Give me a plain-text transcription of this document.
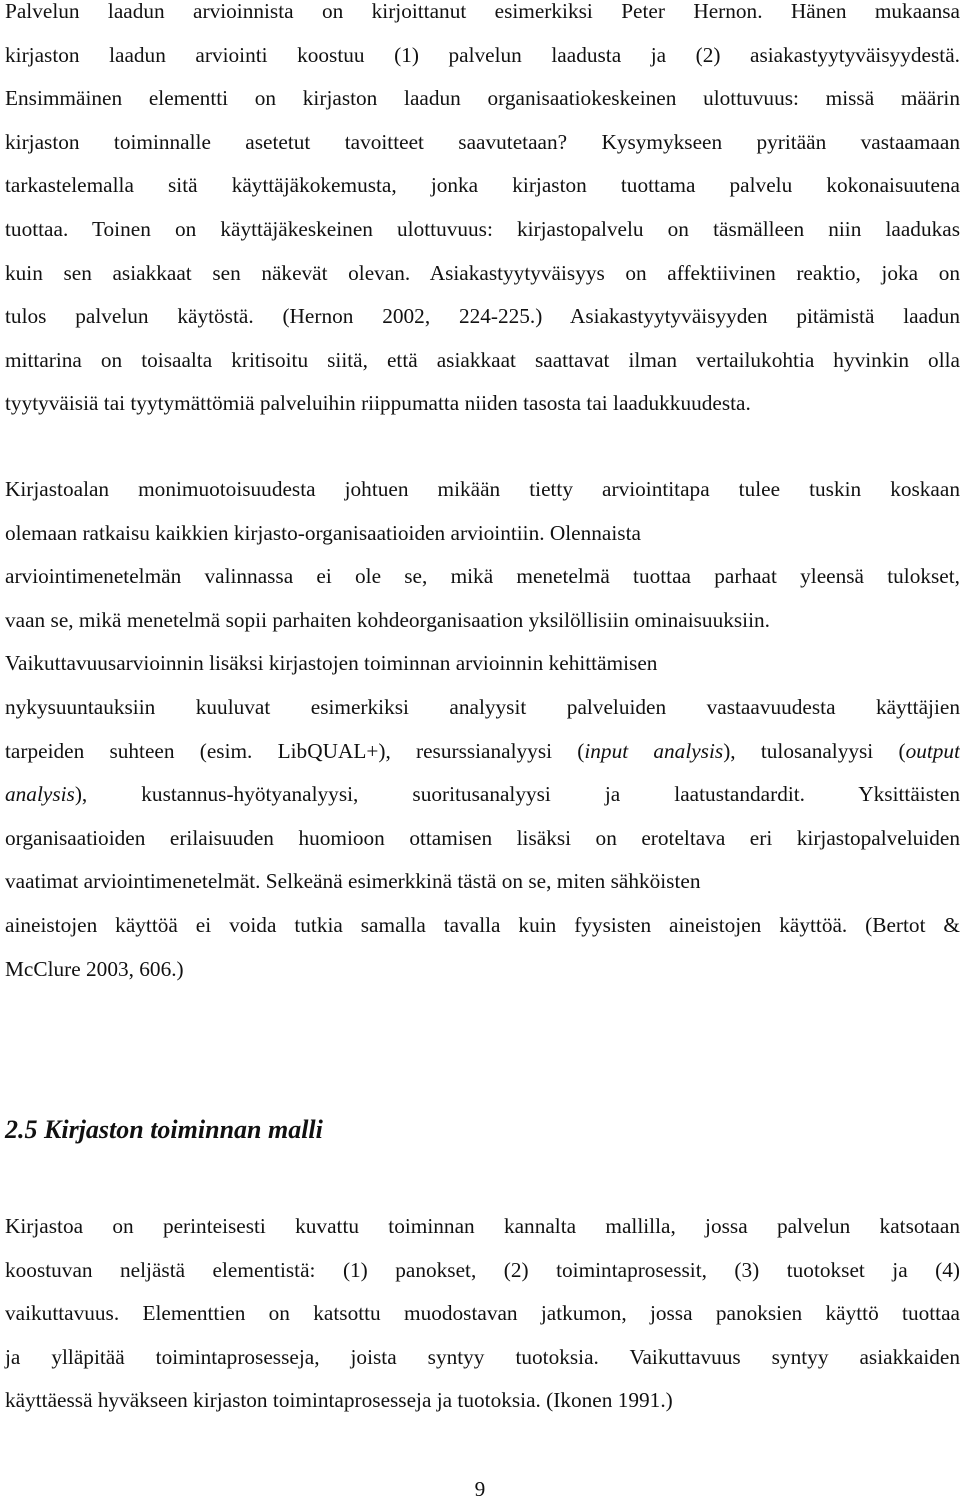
Palvelun laadun arvioinnista on kirjoittanut esimerkiksi Peter Hernon. Hänen mukaansa
kirjaston laadun arviointi koostuu (1) palvelun laadusta ja (2) asiakastyytyväisyydestä.
Ensimmäinen elementti on kirjaston laadun organisaatiokeskeinen ulottuvuus: missä määrin
kirjaston toiminnalle asetetut tavoitteet saavutetaan? Kysymykseen pyritään vastaamaan
tarkastelemalla sitä käyttäjäkokemusta, jonka kirjaston tuottama palvelu kokonaisuutena
tuottaa. Toinen on käyttäjäkeskeinen ulottuvuus: kirjastopalvelu on täsmälleen niin laadukas
kuin sen asiakkaat sen näkevät olevan. Asiakastyytyväisyys on affektiivinen reaktio, joka on
tulos palvelun käytöstä. (Hernon 2002, 224-225.) Asiakastyytyväisyyden pitämistä laadun
mittarina on toisaalta kritisoitu siitä, että asiakkaat saattavat ilman vertailukohtia hyvinkin olla
tyytyväisiä tai tyytymättömiä palveluihin riippumatta niiden tasosta tai laadukkuudesta.
Kirjastoalan monimuotoisuudesta johtuen mikään tietty arviointitapa tulee tuskin koskaan
olemaan ratkaisu kaikkien kirjasto-organisaatioiden arviointiin. Olennaista
arviointimenetelmän valinnassa ei ole se, mikä menetelmä tuottaa parhaat yleensä tulokset,
vaan se, mikä menetelmä sopii parhaiten kohdeorganisaation yksilöllisiin ominaisuuksiin.
Vaikuttavuusarvioinnin lisäksi kirjastojen toiminnan arvioinnin kehittämisen
nykysuuntauksiin kuuluvat esimerkiksi analyysit palveluiden vastaavuudesta käyttäjien
tarpeiden suhteen (esim. LibQUAL+), resurssianalyysi (input analysis), tulosanalyysi (output
analysis), kustannus-hyötyanalyysi, suoritusanalyysi ja laatustandardit. Yksittäisten
organisaatioiden erilaisuuden huomioon ottamisen lisäksi on eroteltava eri kirjastopalveluiden
vaatimat arviointimenetelmät. Selkeänä esimerkkinä tästä on se, miten sähköisten
aineistojen käyttöä ei voida tutkia samalla tavalla kuin fyysisten aineistojen käyttöä. (Bertot &
McClure 2003, 606.)
2.5 Kirjaston toiminnan malli
Kirjastoa on perinteisesti kuvattu toiminnan kannalta mallilla, jossa palvelun katsotaan
koostuvan neljästä elementistä: (1) panokset, (2) toimintaprosessit, (3) tuotokset ja (4)
vaikuttavuus. Elementtien on katsottu muodostavan jatkumon, jossa panoksien käyttö tuottaa
ja ylläpitää toimintaprosesseja, joista syntyy tuotoksia. Vaikuttavuus syntyy asiakkaiden
käyttäessä hyväkseen kirjaston toimintaprosesseja ja tuotoksia. (Ikonen 1991.)

9
